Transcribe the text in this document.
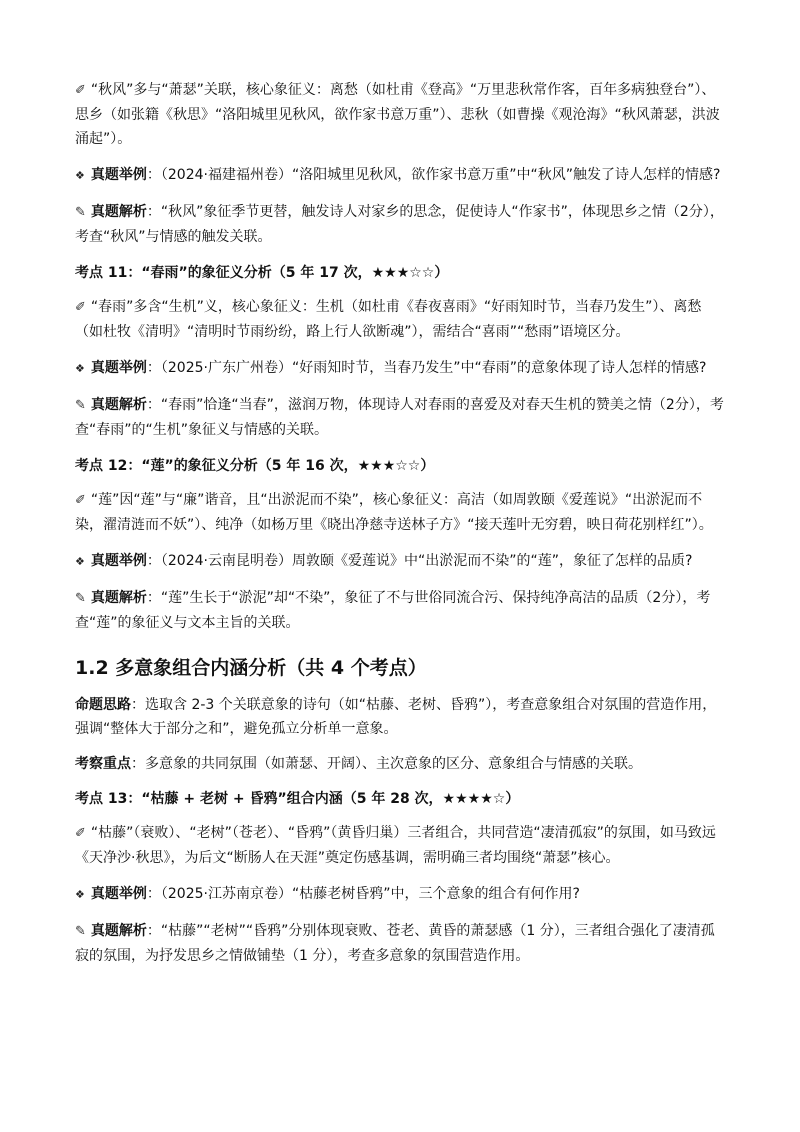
✐ “秋风”多与“萧瑟”关联，核心象征义：离愁（如杜甫《登高》“万里悲秋常作客，百年多病独登台”）、思乡（如张籍《秋思》“洛阳城里见秋风，欲作家书意万重”）、悲秋（如曹操《观沧海》“秋风萧瑟，洪波涌起”）。

❖ 真题举例：（2024·福建福州卷）“洛阳城里见秋风，欲作家书意万重”中“秋风”触发了诗人怎样的情感?

✎ 真题解析：“秋风”象征季节更替，触发诗人对家乡的思念，促使诗人“作家书”，体现思乡之情（2分），考查“秋风”与情感的触发关联。

考点 11：“春雨”的象征义分析（5 年 17 次，★★★☆☆）

✐ “春雨”多含“生机”义，核心象征义：生机（如杜甫《春夜喜雨》“好雨知时节，当春乃发生”）、离愁（如杜牧《清明》“清明时节雨纷纷，路上行人欲断魂”），需结合“喜雨”“愁雨”语境区分。

❖ 真题举例：（2025·广东广州卷）“好雨知时节，当春乃发生”中“春雨”的意象体现了诗人怎样的情感?

✎ 真题解析：“春雨”恰逢“当春”，滋润万物，体现诗人对春雨的喜爱及对春天生机的赞美之情（2分），考查“春雨”的“生机”象征义与情感的关联。

考点 12：“莲”的象征义分析（5 年 16 次，★★★☆☆）

✐ “莲”因“莲”与“廉”谐音，且“出淤泥而不染”，核心象征义：高洁（如周敦颐《爱莲说》“出淤泥而不染，濯清涟而不妖”）、纯净（如杨万里《晓出净慈寺送林子方》“接天莲叶无穷碧，映日荷花别样红”）。

❖ 真题举例：（2024·云南昆明卷）周敦颐《爱莲说》中“出淤泥而不染”的“莲”，象征了怎样的品质?

✎ 真题解析：“莲”生长于“淤泥”却“不染”，象征了不与世俗同流合污、保持纯净高洁的品质（2分），考查“莲”的象征义与文本主旨的关联。

1.2 多意象组合内涵分析（共 4 个考点）

命题思路：选取含 2-3 个关联意象的诗句（如“枯藤、老树、昏鸦”），考查意象组合对氛围的营造作用，强调“整体大于部分之和”，避免孤立分析单一意象。

考察重点：多意象的共同氛围（如萧瑟、开阔）、主次意象的区分、意象组合与情感的关联。

考点 13：“枯藤 + 老树 + 昏鸦”组合内涵（5 年 28 次，★★★★☆）

✐ “枯藤”（衰败）、“老树”（苍老）、“昏鸦”（黄昏归巢）三者组合，共同营造“凄清孤寂”的氛围，如马致远《天净沙·秋思》，为后文“断肠人在天涯”奠定伤感基调，需明确三者均围绕“萧瑟”核心。

❖ 真题举例：（2025·江苏南京卷）“枯藤老树昏鸦”中，三个意象的组合有何作用?

✎ 真题解析：“枯藤”“老树”“昏鸦”分别体现衰败、苍老、黄昏的萧瑟感（1 分），三者组合强化了凄清孤寂的氛围，为抒发思乡之情做铺垫（1 分），考查多意象的氛围营造作用。
